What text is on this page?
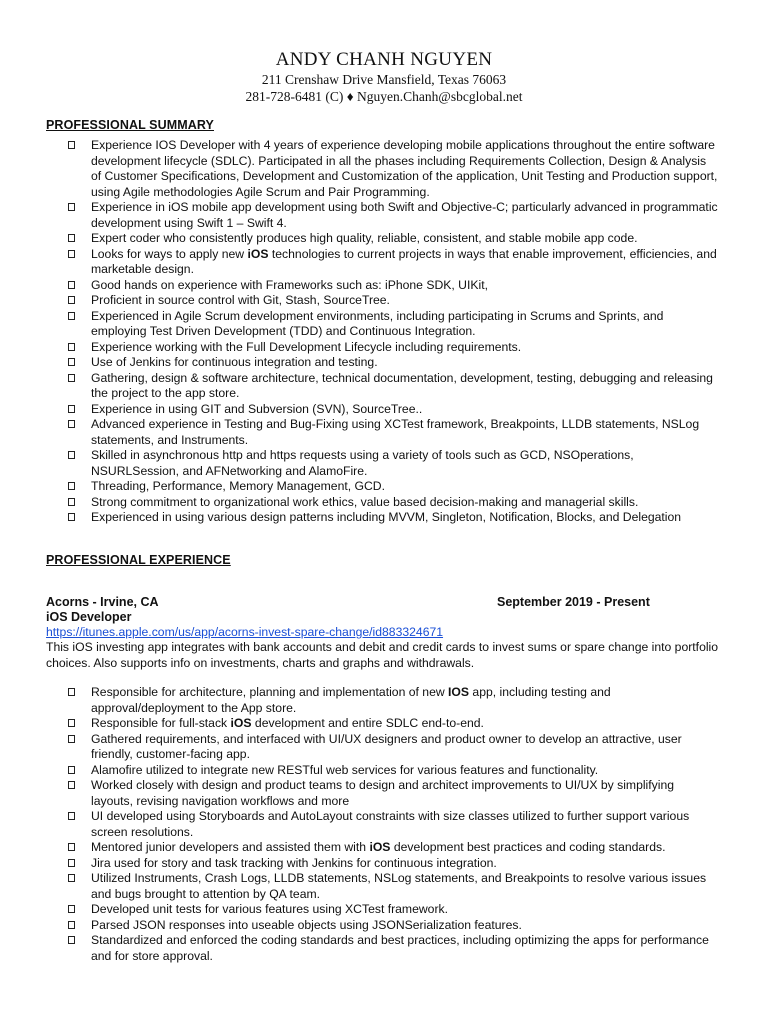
ANDY CHANH NGUYEN
211 Crenshaw Drive Mansfield, Texas 76063
281-728-6481 (C) ♦ Nguyen.Chanh@sbcglobal.net
PROFESSIONAL SUMMARY
Experience IOS Developer with 4 years of experience developing mobile applications throughout the entire software development lifecycle (SDLC). Participated in all the phases including Requirements Collection, Design & Analysis of Customer Specifications, Development and Customization of the application, Unit Testing and Production support, using Agile methodologies Agile Scrum and Pair Programming.
Experience in iOS mobile app development using both Swift and Objective-C; particularly advanced in programmatic development using Swift 1 – Swift 4.
Expert coder who consistently produces high quality, reliable, consistent, and stable mobile app code.
Looks for ways to apply new iOS technologies to current projects in ways that enable improvement, efficiencies, and marketable design.
Good hands on experience with Frameworks such as: iPhone SDK, UIKit,
Proficient in source control with Git, Stash, SourceTree.
Experienced in Agile Scrum development environments, including participating in Scrums and Sprints, and employing Test Driven Development (TDD) and Continuous Integration.
Experience working with the Full Development Lifecycle including requirements.
Use of Jenkins for continuous integration and testing.
Gathering, design & software architecture, technical documentation, development, testing, debugging and releasing the project to the app store.
Experience in using GIT and Subversion (SVN), SourceTree..
Advanced experience in Testing and Bug-Fixing using XCTest framework, Breakpoints, LLDB statements, NSLog statements, and Instruments.
Skilled in asynchronous http and https requests using a variety of tools such as GCD, NSOperations, NSURLSession, and AFNetworking and AlamoFire.
Threading, Performance, Memory Management, GCD.
Strong commitment to organizational work ethics, value based decision-making and managerial skills.
Experienced in using various design patterns including MVVM, Singleton, Notification, Blocks, and Delegation
PROFESSIONAL EXPERIENCE
Acorns - Irvine, CA	September 2019 - Present
iOS Developer
https://itunes.apple.com/us/app/acorns-invest-spare-change/id883324671
This iOS investing app integrates with bank accounts and debit and credit cards to invest sums or spare change into portfolio choices. Also supports info on investments, charts and graphs and withdrawals.
Responsible for architecture, planning and implementation of new IOS app, including testing and approval/deployment to the App store.
Responsible for full-stack iOS development and entire SDLC end-to-end.
Gathered requirements, and interfaced with UI/UX designers and product owner to develop an attractive, user friendly, customer-facing app.
Alamofire utilized to integrate new RESTful web services for various features and functionality.
Worked closely with design and product teams to design and architect improvements to UI/UX by simplifying layouts, revising navigation workflows and more
UI developed using Storyboards and AutoLayout constraints with size classes utilized to further support various screen resolutions.
Mentored junior developers and assisted them with iOS development best practices and coding standards.
Jira used for story and task tracking with Jenkins for continuous integration.
Utilized Instruments, Crash Logs, LLDB statements, NSLog statements, and Breakpoints to resolve various issues and bugs brought to attention by QA team.
Developed unit tests for various features using XCTest framework.
Parsed JSON responses into useable objects using JSONSerialization features.
Standardized and enforced the coding standards and best practices, including optimizing the apps for performance and for store approval.
